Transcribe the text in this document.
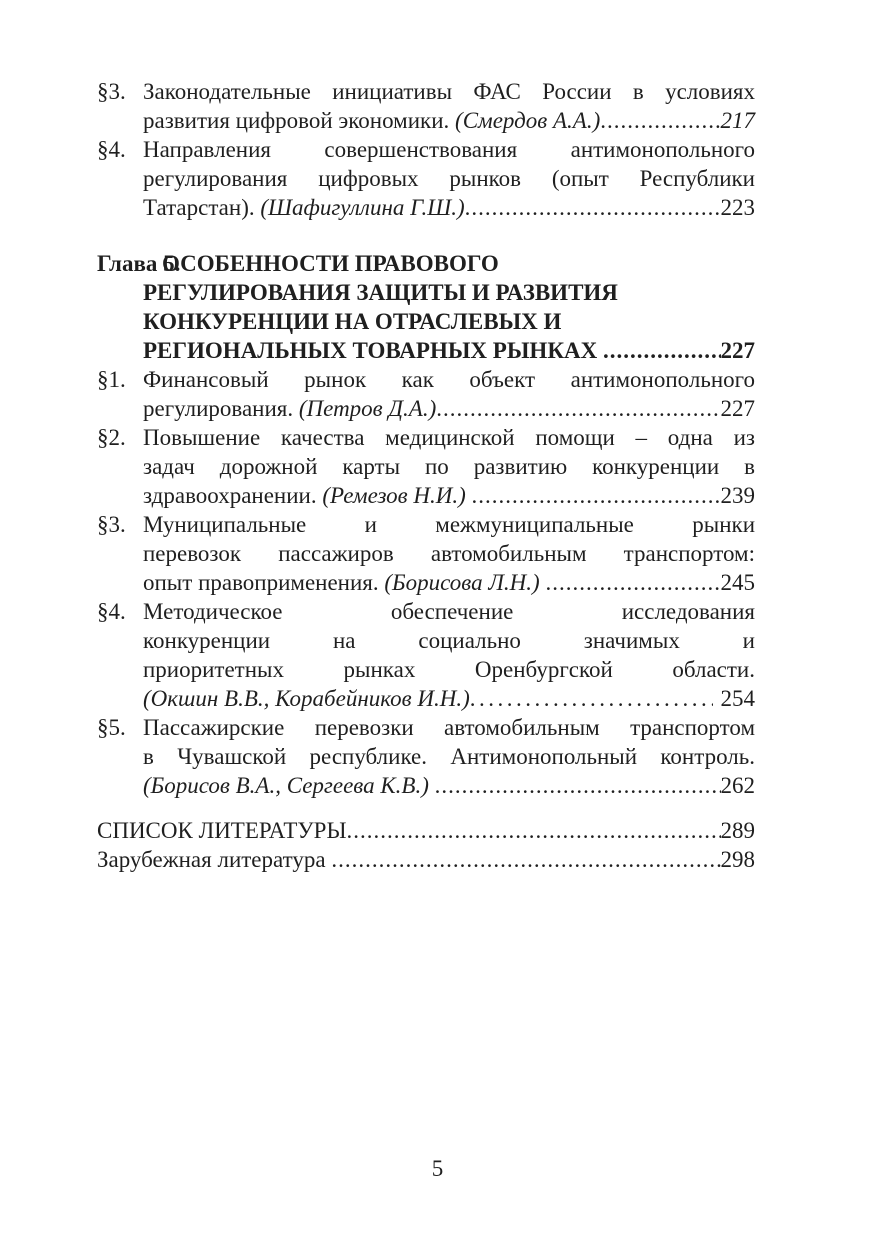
§3. Законодательные инициативы ФАС России в условиях
развития цифровой экономики. (Смердов А.А.) .....	217
§4. Направления совершенствования антимонопольного
регулирования цифровых рынков (опыт Республики
Татарстан). (Шафигуллина Г.Ш.) .....	223
Глава 5.
ОСОБЕННОСТИ ПРАВОВОГО
РЕГУЛИРОВАНИЯ ЗАЩИТЫ И РАЗВИТИЯ
КОНКУРЕНЦИИ НА ОТРАСЛЕВЫХ И
РЕГИОНАЛЬНЫХ ТОВАРНЫХ РЫНКАХ .....	227
§1. Финансовый рынок как объект антимонопольного
регулирования. (Петров Д.А.) .....	227
§2. Повышение качества медицинской помощи – одна из
задач дорожной карты по развитию конкуренции в
здравоохранении. (Ремезов Н.И.) .....	239
§3. Муниципальные и межмуниципальные рынки
перевозок пассажиров автомобильным транспортом:
опыт правоприменения. (Борисова Л.Н.) .....	245
§4. Методическое обеспечение исследования
конкуренции на социально значимых и
приоритетных рынках Оренбургской области.
(Окшин В.В., Корабейников И.Н.) .....	254
§5. Пассажирские перевозки автомобильным транспортом
в Чувашской республике. Антимонопольный контроль.
(Борисов В.А., Сергеева К.В.) .....	262
СПИСОК ЛИТЕРАТУРЫ .....	289
Зарубежная литература .....	298
5
